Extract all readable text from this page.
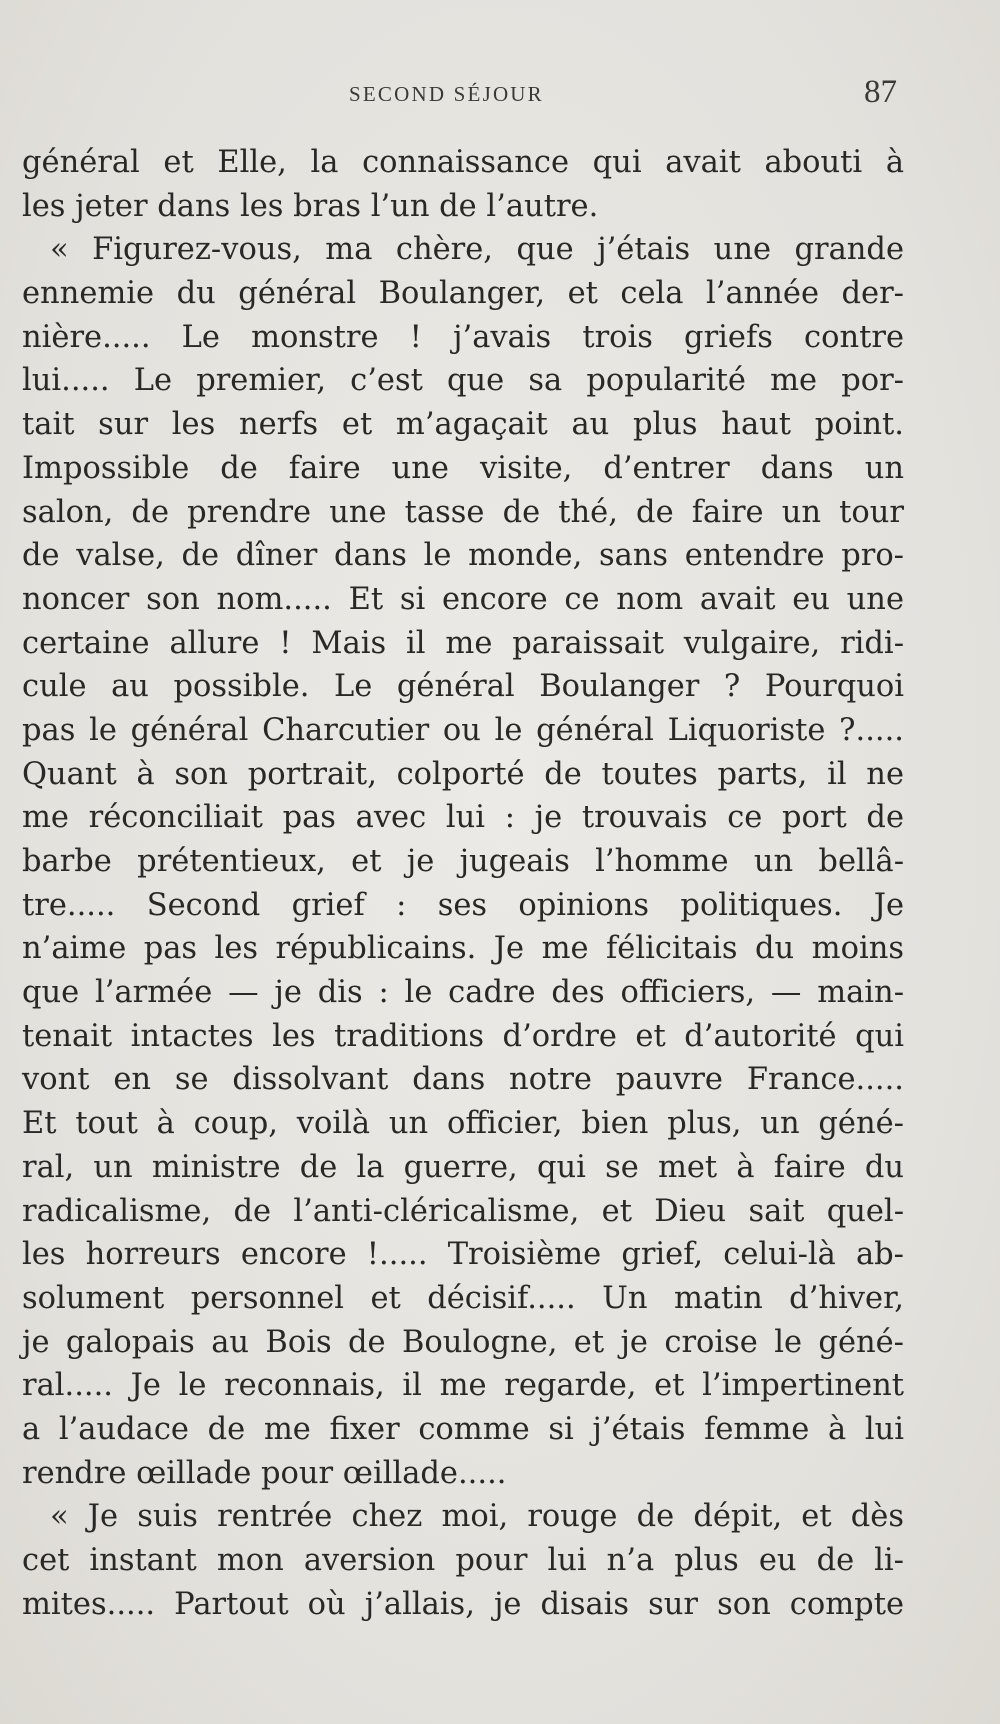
SECOND SÉJOUR	87
général et Elle, la connaissance qui avait abouti à
les jeter dans les bras l’un de l’autre.
« Figurez-vous, ma chère, que j’étais une grande
ennemie du général Boulanger, et cela l’année der-
nière..... Le monstre ! j’avais trois griefs contre
lui..... Le premier, c’est que sa popularité me por-
tait sur les nerfs et m’agaçait au plus haut point.
Impossible de faire une visite, d’entrer dans un
salon, de prendre une tasse de thé, de faire un tour
de valse, de dîner dans le monde, sans entendre pro-
noncer son nom..... Et si encore ce nom avait eu une
certaine allure ! Mais il me paraissait vulgaire, ridi-
cule au possible. Le général Boulanger ? Pourquoi
pas le général Charcutier ou le général Liquoriste ?.....
Quant à son portrait, colporté de toutes parts, il ne
me réconciliait pas avec lui : je trouvais ce port de
barbe prétentieux, et je jugeais l’homme un bellâ-
tre..... Second grief : ses opinions politiques. Je
n’aime pas les républicains. Je me félicitais du moins
que l’armée — je dis : le cadre des officiers, — main-
tenait intactes les traditions d’ordre et d’autorité qui
vont en se dissolvant dans notre pauvre France.....
Et tout à coup, voilà un officier, bien plus, un géné-
ral, un ministre de la guerre, qui se met à faire du
radicalisme, de l’anti-cléricalisme, et Dieu sait quel-
les horreurs encore !..... Troisième grief, celui-là ab-
solument personnel et décisif..... Un matin d’hiver,
je galopais au Bois de Boulogne, et je croise le géné-
ral..... Je le reconnais, il me regarde, et l’impertinent
a l’audace de me fixer comme si j’étais femme à lui
rendre œillade pour œillade.....
« Je suis rentrée chez moi, rouge de dépit, et dès
cet instant mon aversion pour lui n’a plus eu de li-
mites..... Partout où j’allais, je disais sur son compte
